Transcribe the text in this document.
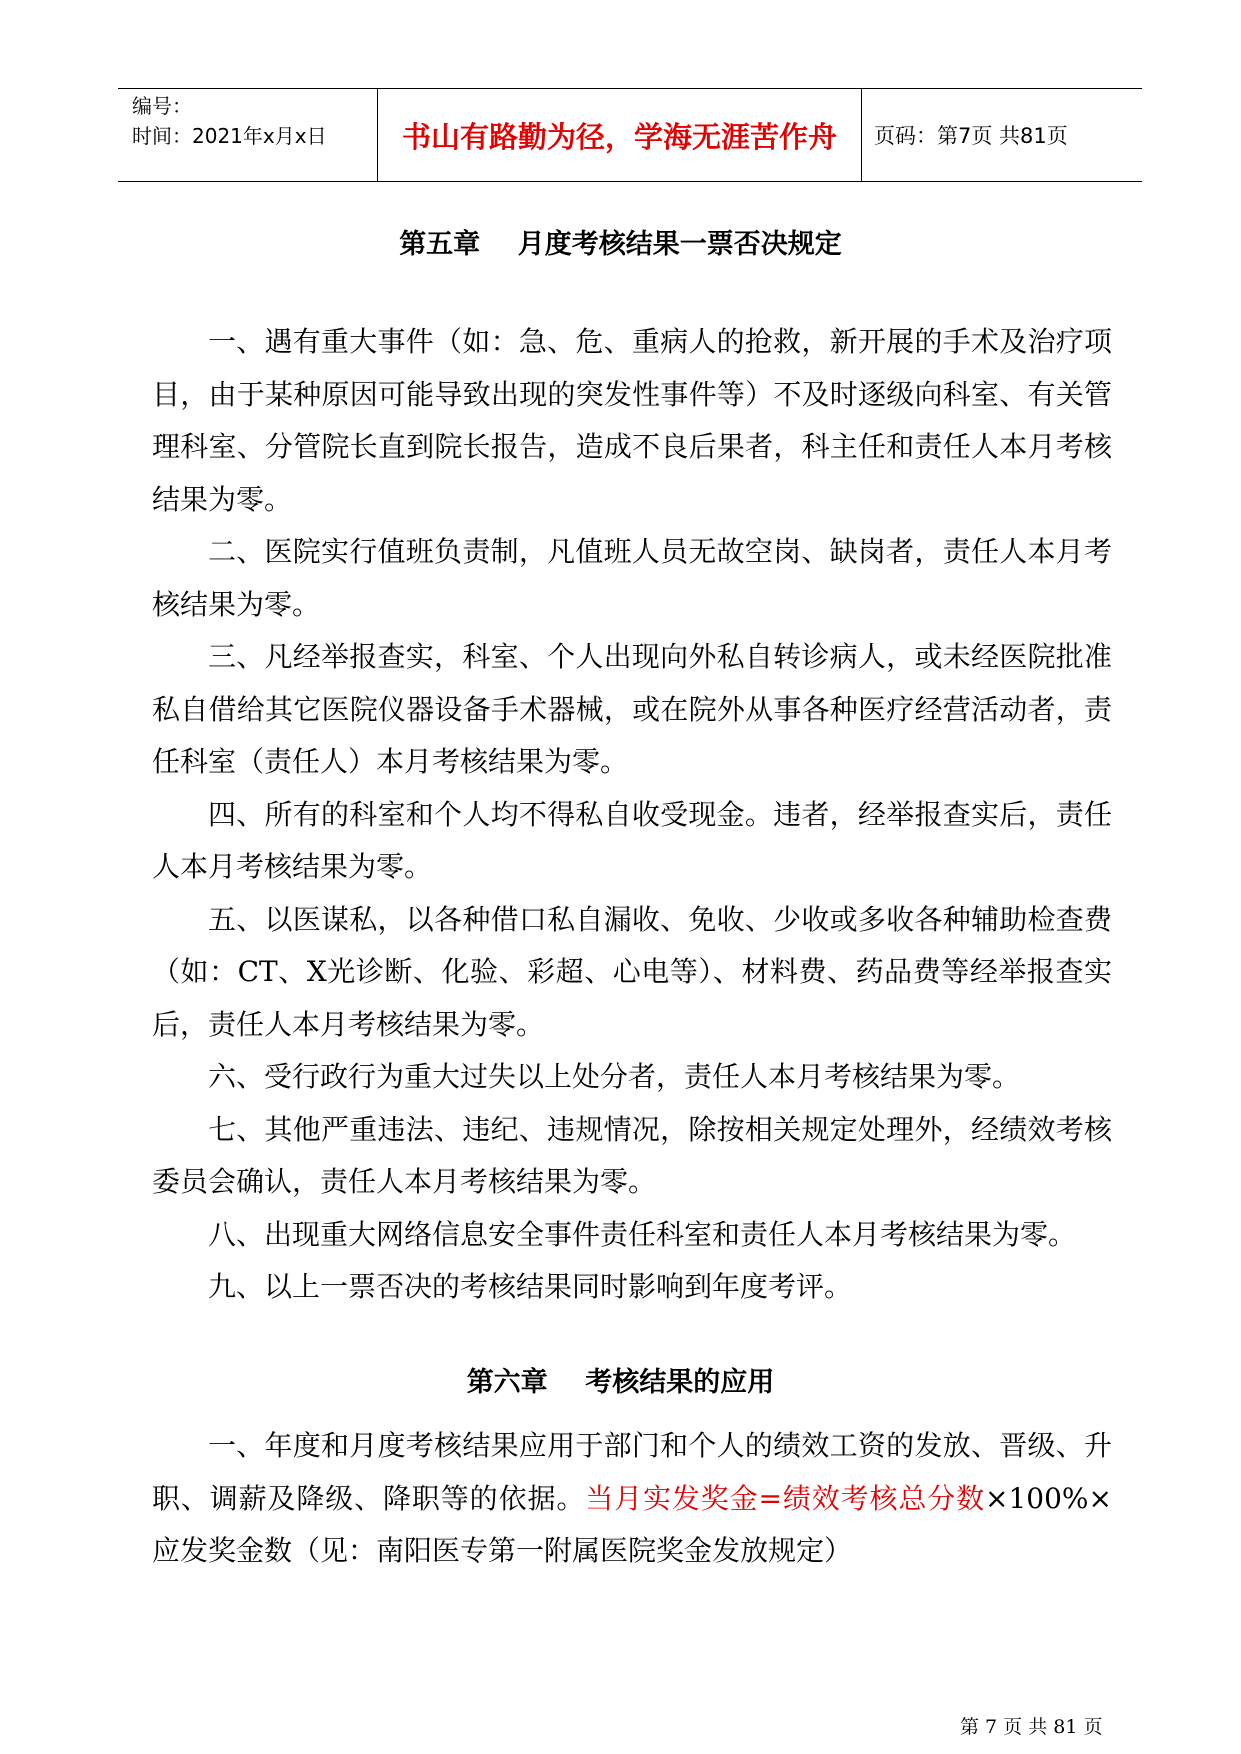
编号：
时间：2021年x月x日	书山有路勤为径，学海无涯苦作舟	页码：第7页 共81页
第五章    月度考核结果一票否决规定

一、遇有重大事件（如：急、危、重病人的抢救，新开展的手术及治疗项目，由于某种原因可能导致出现的突发性事件等）不及时逐级向科室、有关管理科室、分管院长直到院长报告，造成不良后果者，科主任和责任人本月考核结果为零。

二、医院实行值班负责制，凡值班人员无故空岗、缺岗者，责任人本月考核结果为零。

三、凡经举报查实，科室、个人出现向外私自转诊病人，或未经医院批准私自借给其它医院仪器设备手术器械，或在院外从事各种医疗经营活动者，责任科室（责任人）本月考核结果为零。

四、所有的科室和个人均不得私自收受现金。违者，经举报查实后，责任人本月考核结果为零。

五、以医谋私，以各种借口私自漏收、免收、少收或多收各种辅助检查费（如：CT、X光诊断、化验、彩超、心电等）、材料费、药品费等经举报查实后，责任人本月考核结果为零。

六、受行政行为重大过失以上处分者，责任人本月考核结果为零。

七、其他严重违法、违纪、违规情况，除按相关规定处理外，经绩效考核委员会确认，责任人本月考核结果为零。

八、出现重大网络信息安全事件责任科室和责任人本月考核结果为零。

九、以上一票否决的考核结果同时影响到年度考评。

第六章    考核结果的应用

一、年度和月度考核结果应用于部门和个人的绩效工资的发放、晋级、升职、调薪及降级、降职等的依据。当月实发奖金=绩效考核总分数×100%×应发奖金数（见：南阳医专第一附属医院奖金发放规定）

第 7 页 共 81 页
